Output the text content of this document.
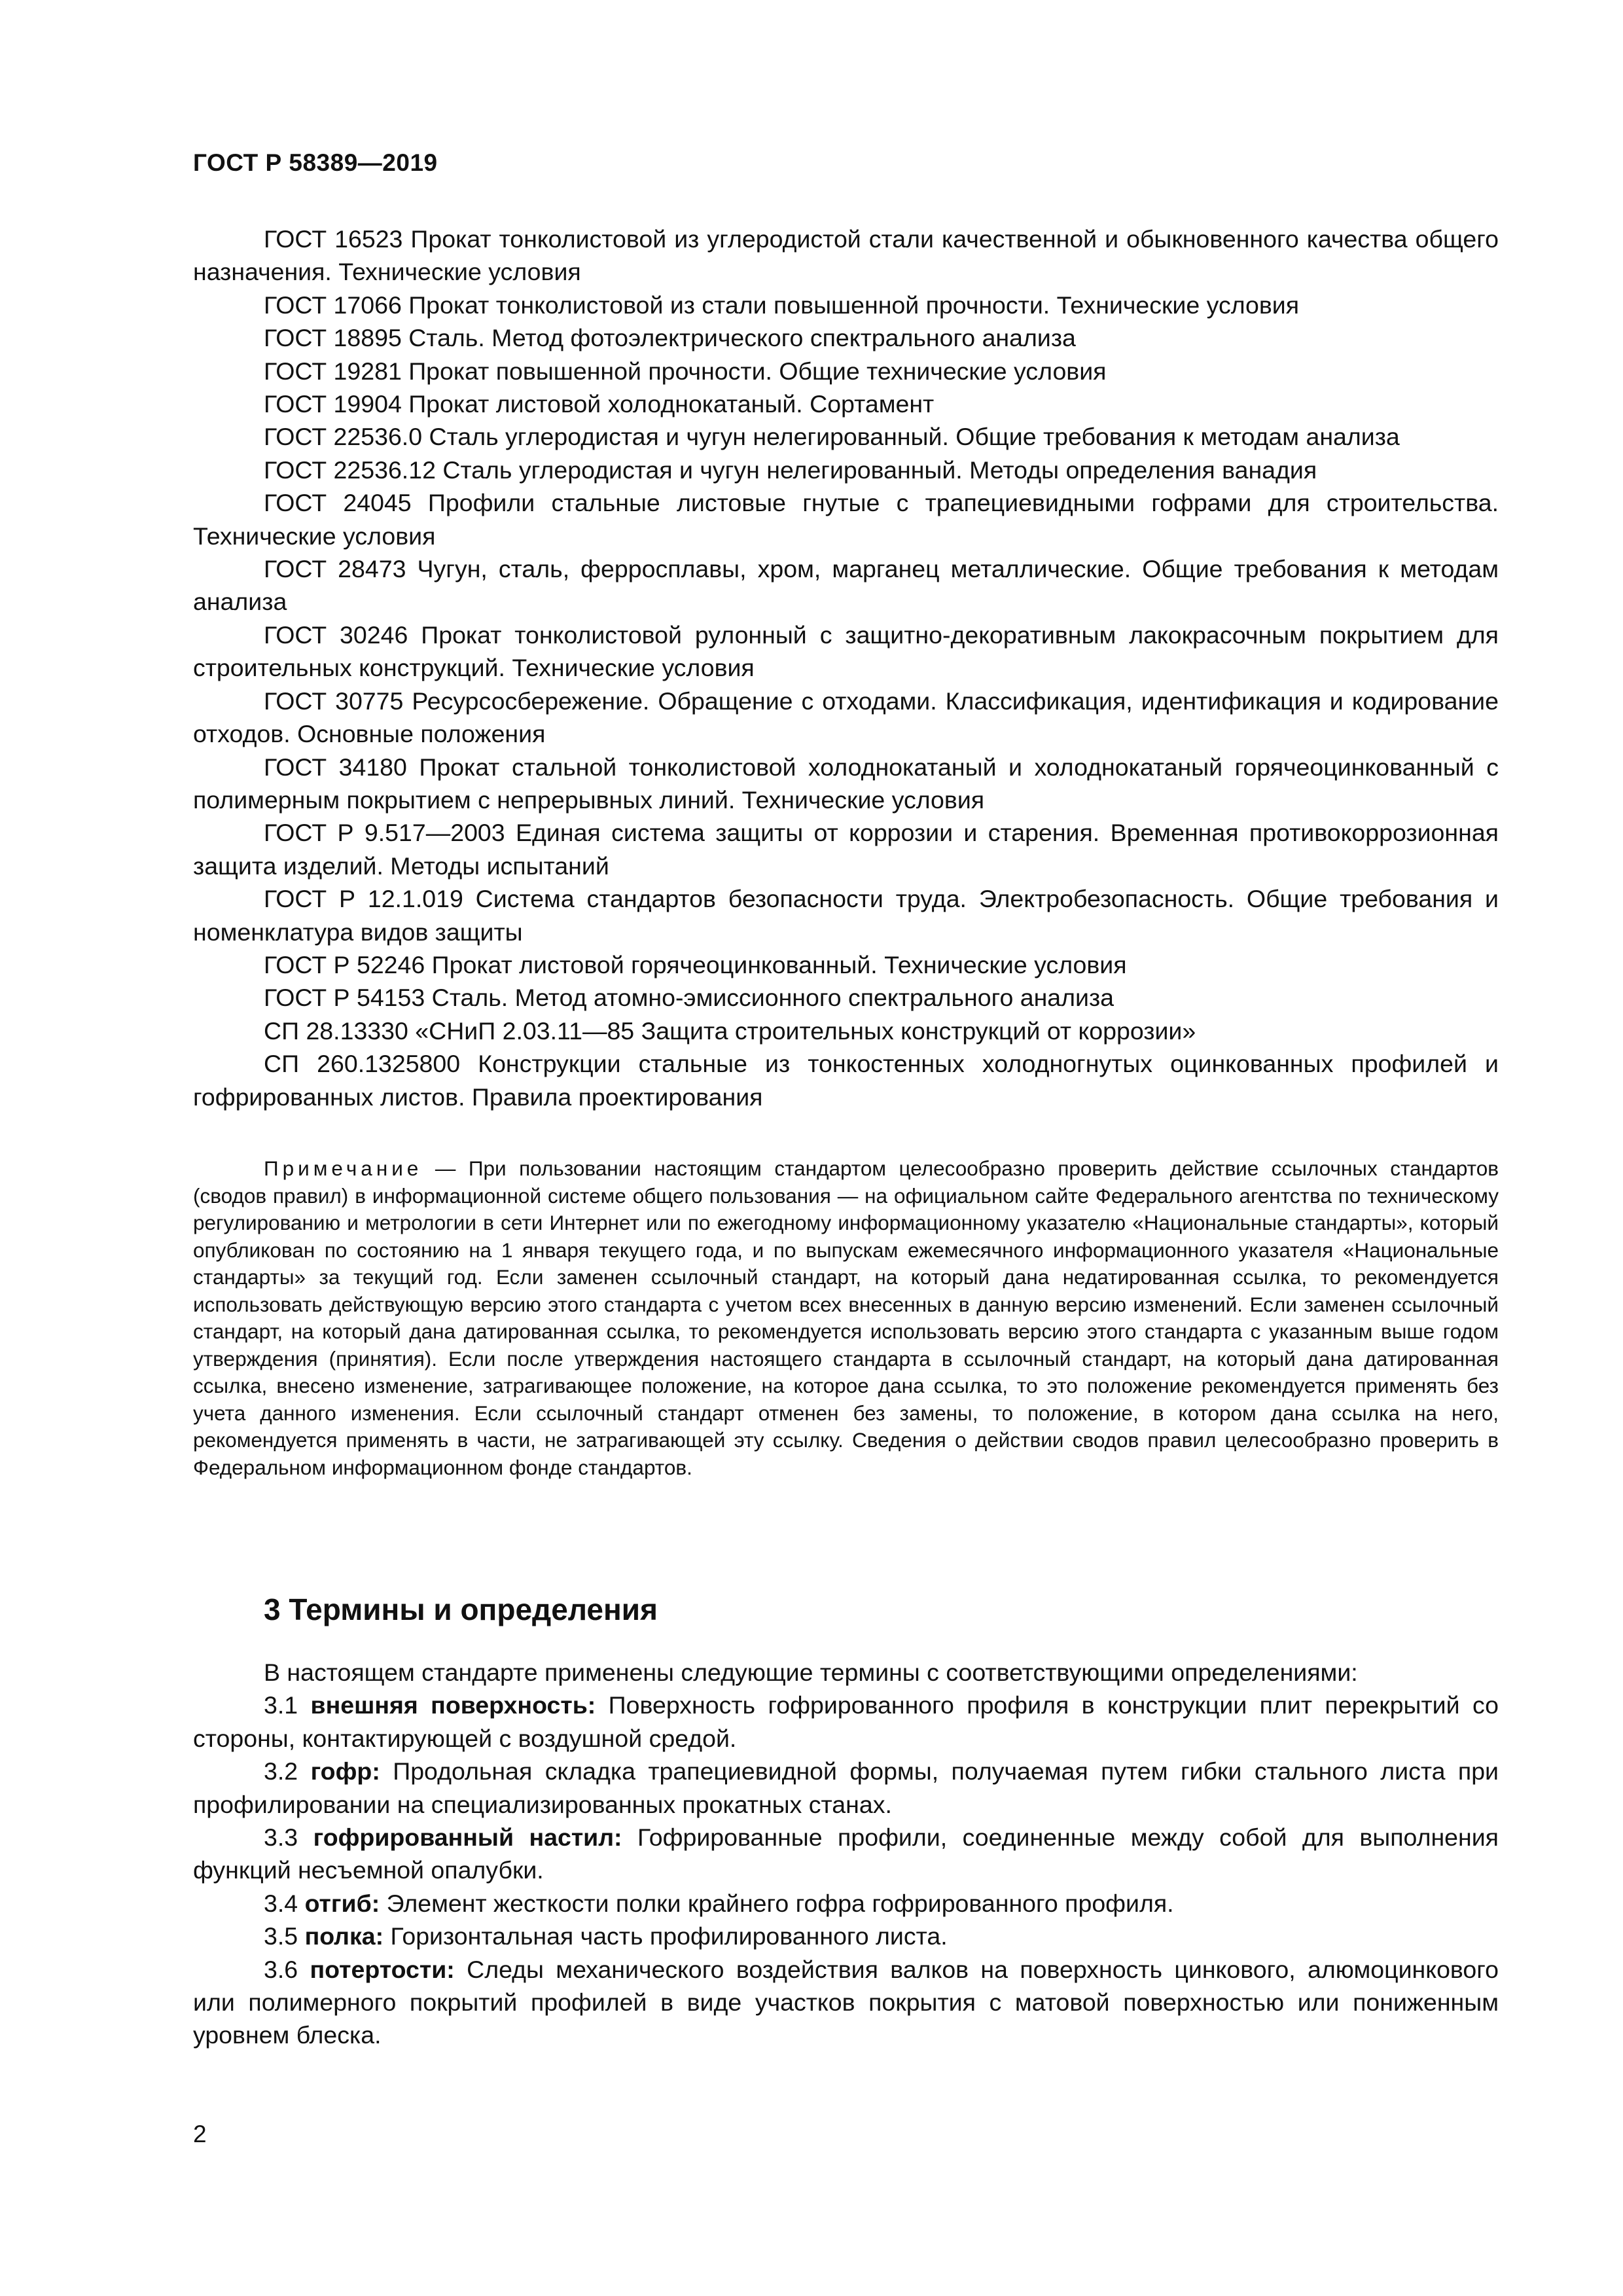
ГОСТ Р 58389—2019

ГОСТ 16523 Прокат тонколистовой из углеродистой стали качественной и обыкновенного качества общего назначения. Технические условия

ГОСТ 17066 Прокат тонколистовой из стали повышенной прочности. Технические условия

ГОСТ 18895 Сталь. Метод фотоэлектрического спектрального анализа

ГОСТ 19281 Прокат повышенной прочности. Общие технические условия

ГОСТ 19904 Прокат листовой холоднокатаный. Сортамент

ГОСТ 22536.0 Сталь углеродистая и чугун нелегированный. Общие требования к методам анализа

ГОСТ 22536.12 Сталь углеродистая и чугун нелегированный. Методы определения ванадия

ГОСТ 24045 Профили стальные листовые гнутые с трапециевидными гофрами для строительства. Технические условия

ГОСТ 28473 Чугун, сталь, ферросплавы, хром, марганец металлические. Общие требования к методам анализа

ГОСТ 30246 Прокат тонколистовой рулонный с защитно-декоративным лакокрасочным покрытием для строительных конструкций. Технические условия

ГОСТ 30775 Ресурсосбережение. Обращение с отходами. Классификация, идентификация и кодирование отходов. Основные положения

ГОСТ 34180 Прокат стальной тонколистовой холоднокатаный и холоднокатаный горячеоцинкованный с полимерным покрытием с непрерывных линий. Технические условия

ГОСТ Р 9.517—2003 Единая система защиты от коррозии и старения. Временная противокоррозионная защита изделий. Методы испытаний

ГОСТ Р 12.1.019 Система стандартов безопасности труда. Электробезопасность. Общие требования и номенклатура видов защиты

ГОСТ Р 52246 Прокат листовой горячеоцинкованный. Технические условия

ГОСТ Р 54153 Сталь. Метод атомно-эмиссионного спектрального анализа

СП 28.13330 «СНиП 2.03.11—85 Защита строительных конструкций от коррозии»

СП 260.1325800 Конструкции стальные из тонкостенных холодногнутых оцинкованных профилей и гофрированных листов. Правила проектирования

Примечание — При пользовании настоящим стандартом целесообразно проверить действие ссылочных стандартов (сводов правил) в информационной системе общего пользования — на официальном сайте Федерального агентства по техническому регулированию и метрологии в сети Интернет или по ежегодному информационному указателю «Национальные стандарты», который опубликован по состоянию на 1 января текущего года, и по выпускам ежемесячного информационного указателя «Национальные стандарты» за текущий год. Если заменен ссылочный стандарт, на который дана недатированная ссылка, то рекомендуется использовать действующую версию этого стандарта с учетом всех внесенных в данную версию изменений. Если заменен ссылочный стандарт, на который дана датированная ссылка, то рекомендуется использовать версию этого стандарта с указанным выше годом утверждения (принятия). Если после утверждения настоящего стандарта в ссылочный стандарт, на который дана датированная ссылка, внесено изменение, затрагивающее положение, на которое дана ссылка, то это положение рекомендуется применять без учета данного изменения. Если ссылочный стандарт отменен без замены, то положение, в котором дана ссылка на него, рекомендуется применять в части, не затрагивающей эту ссылку. Сведения о действии сводов правил целесообразно проверить в Федеральном информационном фонде стандартов.

3 Термины и определения

В настоящем стандарте применены следующие термины с соответствующими определениями:

3.1 внешняя поверхность: Поверхность гофрированного профиля в конструкции плит перекрытий со стороны, контактирующей с воздушной средой.

3.2 гофр: Продольная складка трапециевидной формы, получаемая путем гибки стального листа при профилировании на специализированных прокатных станах.

3.3 гофрированный настил: Гофрированные профили, соединенные между собой для выполнения функций несъемной опалубки.

3.4 отгиб: Элемент жесткости полки крайнего гофра гофрированного профиля.

3.5 полка: Горизонтальная часть профилированного листа.

3.6 потертости: Следы механического воздействия валков на поверхность цинкового, алюмоцинкового или полимерного покрытий профилей в виде участков покрытия с матовой поверхностью или пониженным уровнем блеска.

2
